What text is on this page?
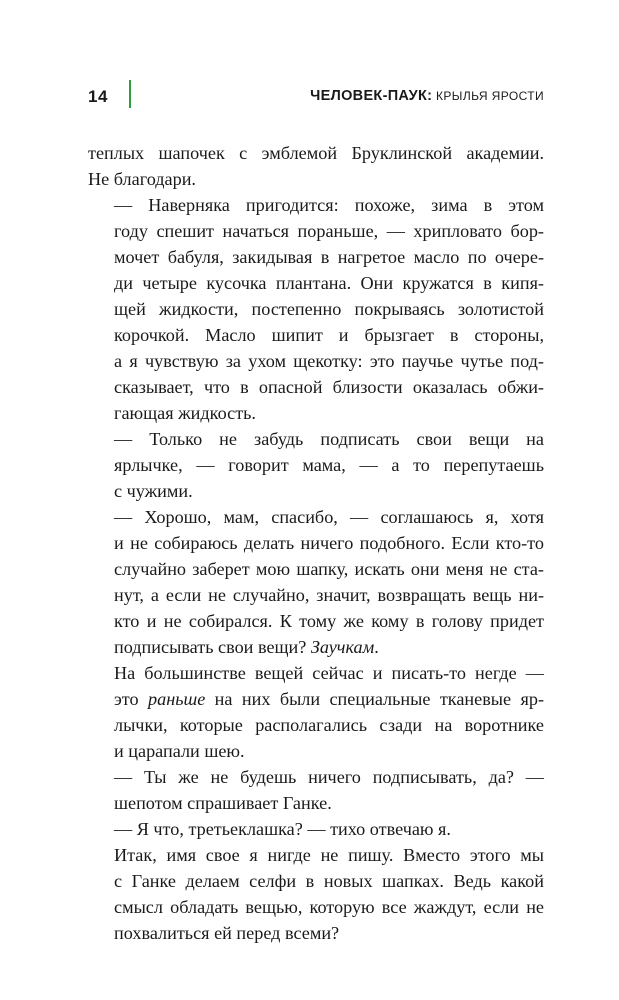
14	ЧЕЛОВЕК-ПАУК: КРЫЛЬЯ ЯРОСТИ

теплых шапочек с эмблемой Бруклинской академии.
Не благодари.

— Наверняка пригодится: похоже, зима в этом
году спешит начаться пораньше, — хрипловато бор-
мочет бабуля, закидывая в нагретое масло по очере-
ди четыре кусочка плантана. Они кружатся в кипя-
щей жидкости, постепенно покрываясь золотистой
корочкой. Масло шипит и брызгает в стороны,
а я чувствую за ухом щекотку: это паучье чутье под-
сказывает, что в опасной близости оказалась обжи-
гающая жидкость.

— Только не забудь подписать свои вещи на
ярлычке, — говорит мама, — а то перепутаешь
с чужими.

— Хорошо, мам, спасибо, — соглашаюсь я, хотя
и не собираюсь делать ничего подобного. Если кто-то
случайно заберет мою шапку, искать они меня не ста-
нут, а если не случайно, значит, возвращать вещь ни-
кто и не собирался. К тому же кому в голову придет
подписывать свои вещи? Заучкам.

На большинстве вещей сейчас и писать-то негде —
это раньше на них были специальные тканевые яр-
лычки, которые располагались сзади на воротнике
и царапали шею.

— Ты же не будешь ничего подписывать, да? —
шепотом спрашивает Ганке.

— Я что, третьеклашка? — тихо отвечаю я.

Итак, имя свое я нигде не пишу. Вместо этого мы
с Ганке делаем селфи в новых шапках. Ведь какой
смысл обладать вещью, которую все жаждут, если не
похвалиться ей перед всеми?
